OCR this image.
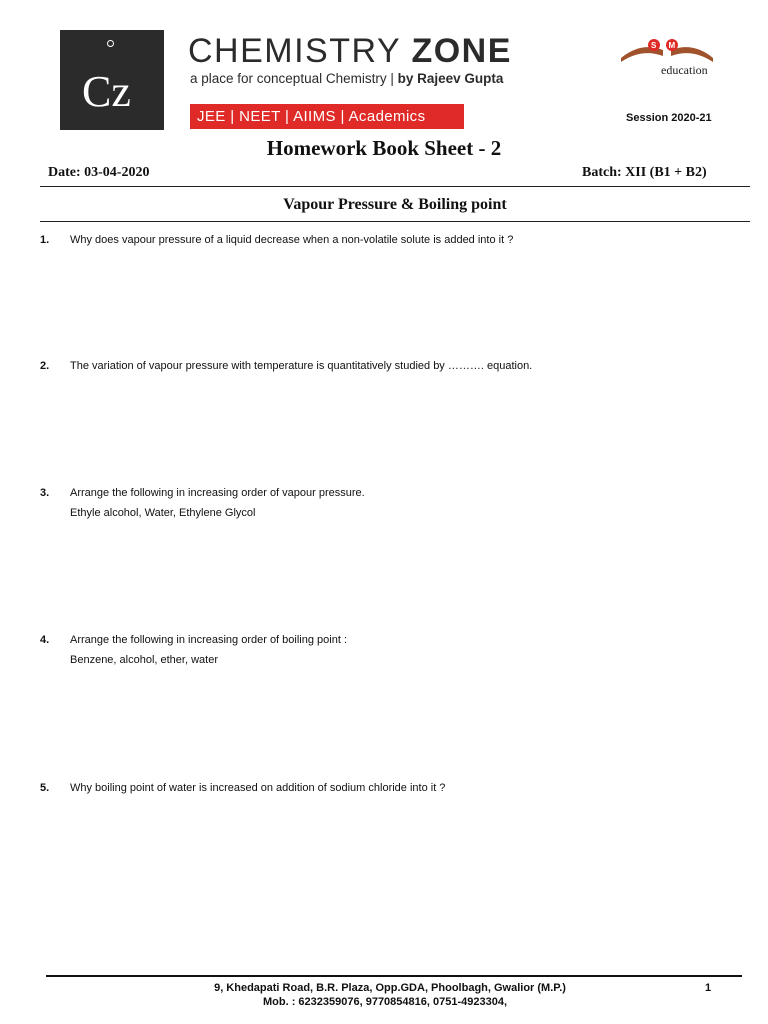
Cz
CHEMISTRY ZONE
a place for conceptual Chemistry | by Rajeev Gupta
JEE | NEET | AIIMS | Academics
S M
education
Session 2020-21
Homework Book Sheet - 2
Date: 03-04-2020	Batch: XII (B1 + B2)
Vapour Pressure & Boiling point
1. Why does vapour pressure of a liquid decrease when a non-volatile solute is added into it ?
2. The variation of vapour pressure with temperature is quantitatively studied by ………. equation.
3. Arrange the following in increasing order of vapour pressure.
Ethyle alcohol, Water, Ethylene Glycol
4. Arrange the following in increasing order of boiling point :
Benzene, alcohol, ether, water
5. Why boiling point of water is increased on addition of sodium chloride into it ?
9, Khedapati Road, B.R. Plaza, Opp.GDA, Phoolbagh, Gwalior (M.P.)
Mob. : 6232359076, 9770854816, 0751-4923304,
1
